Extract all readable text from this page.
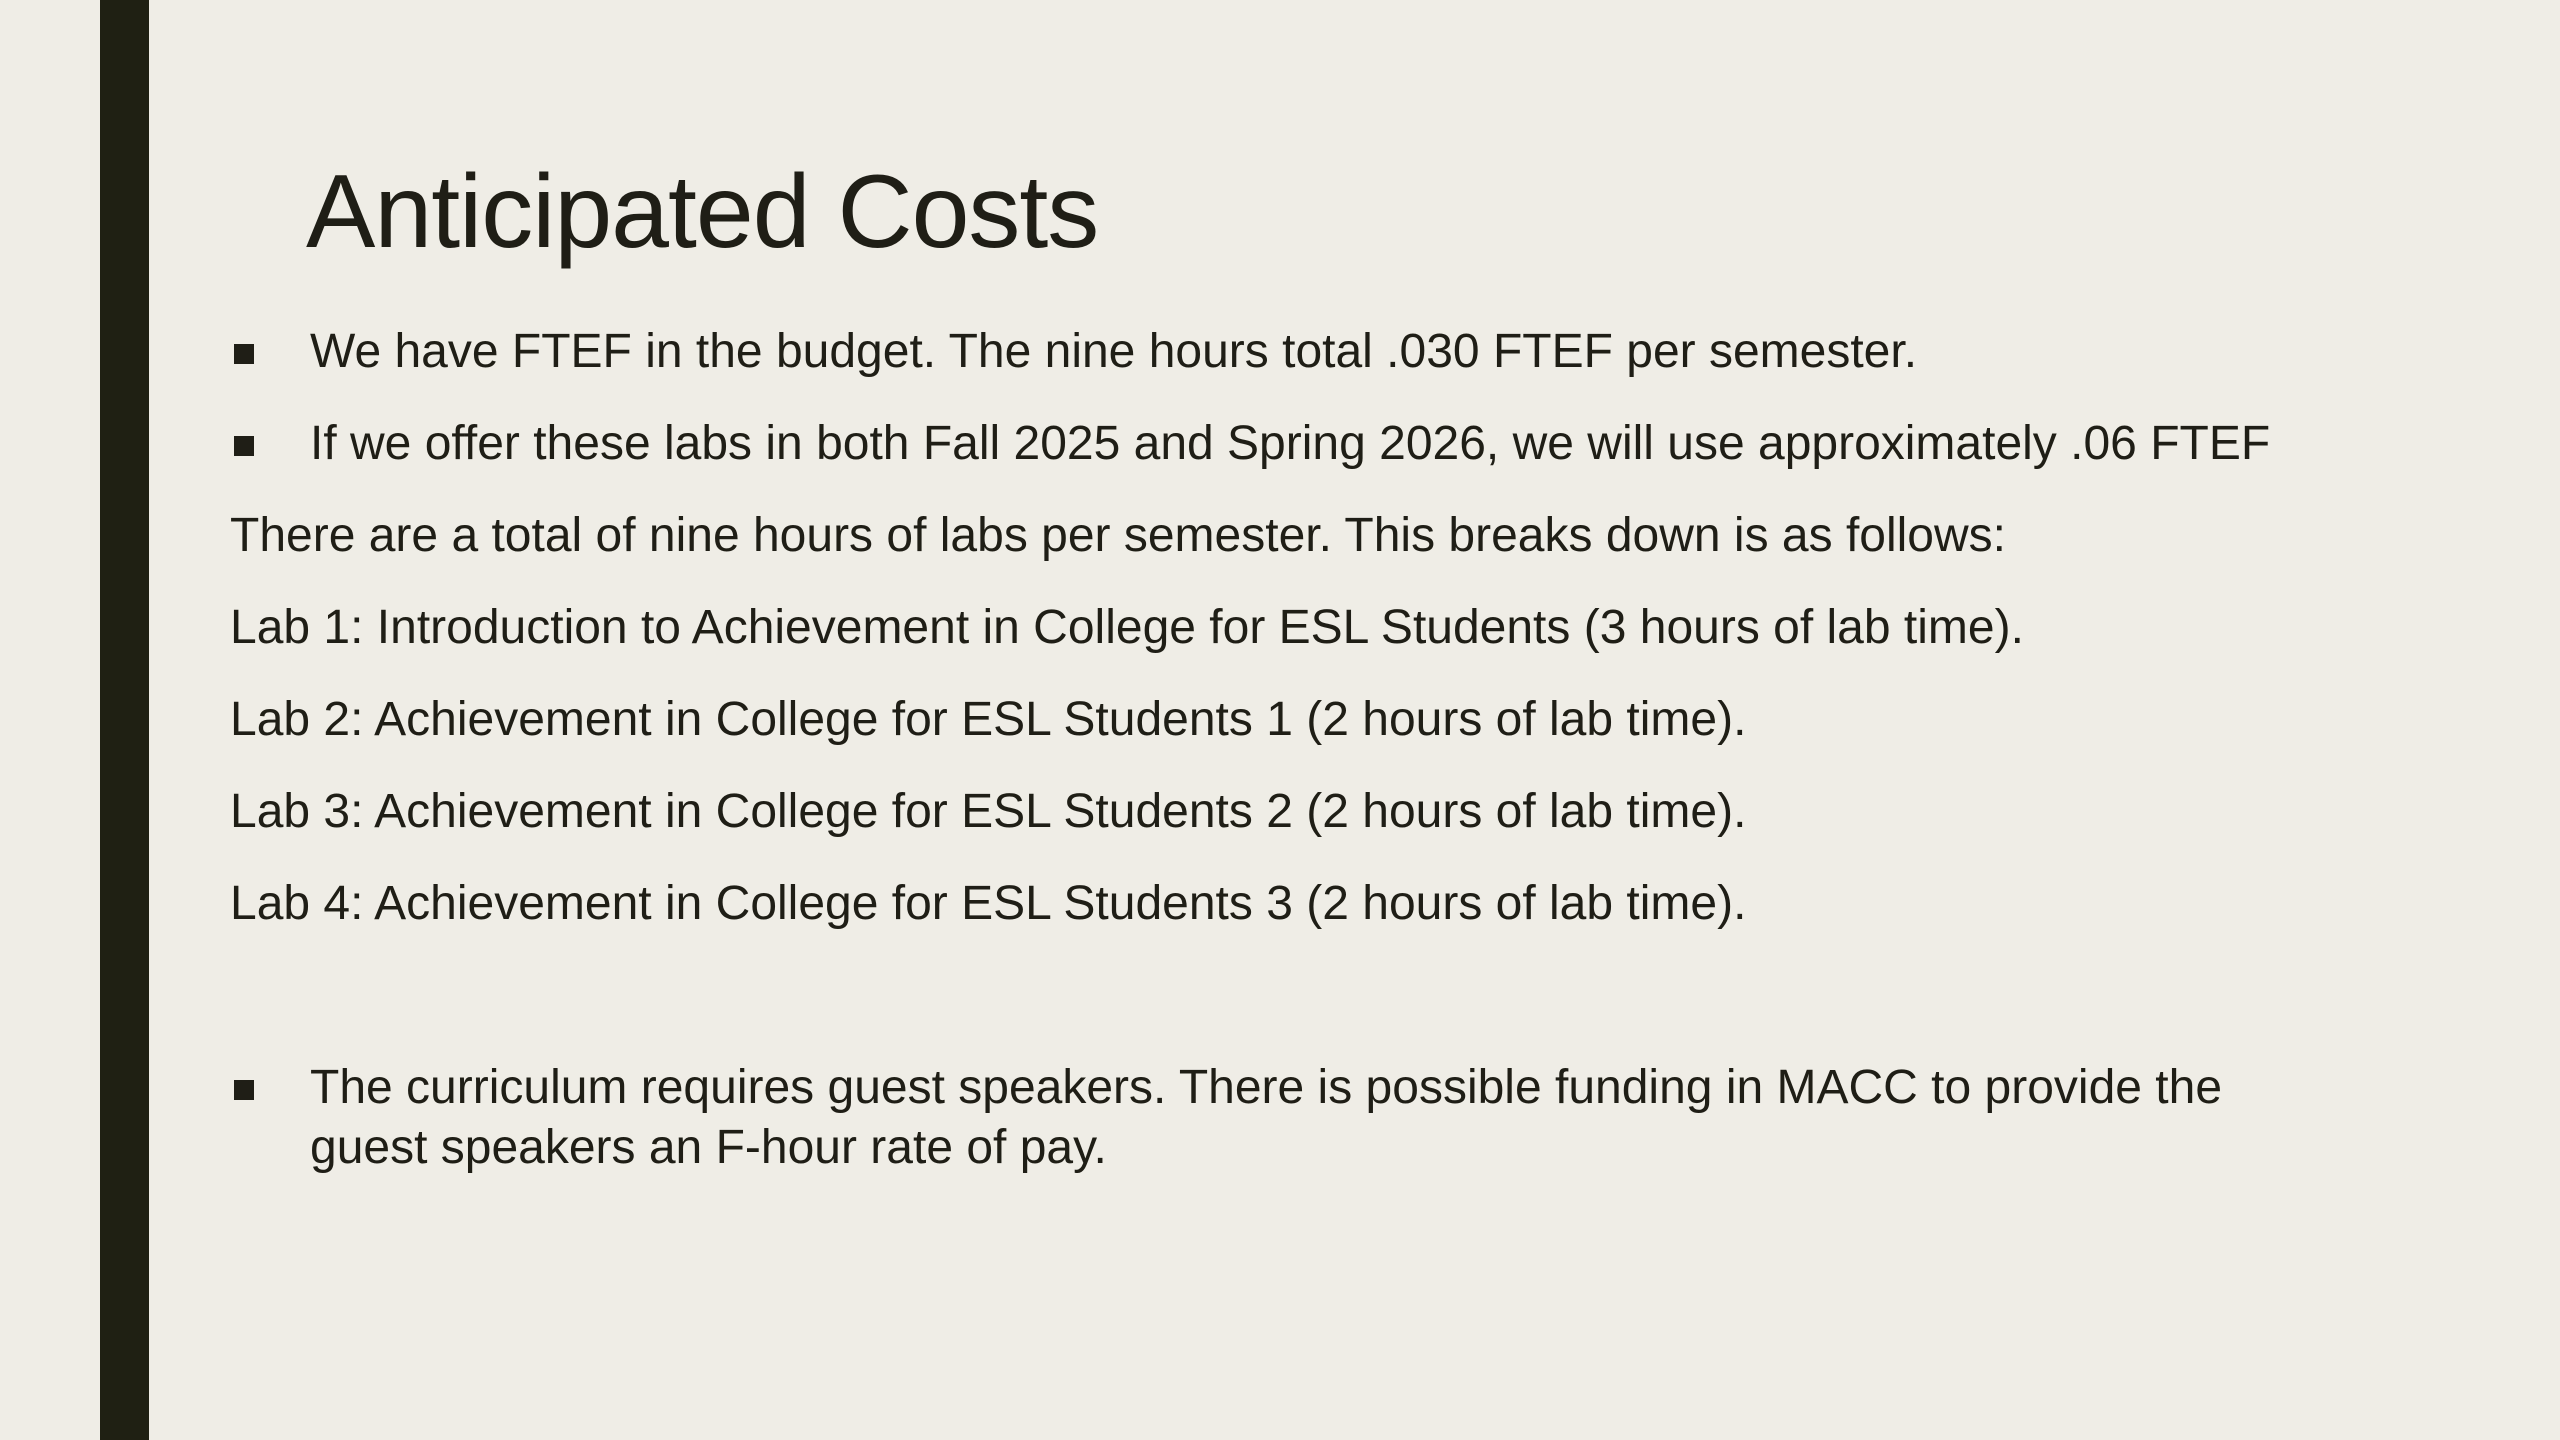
Anticipated Costs
We have FTEF in the budget. The nine hours total .030 FTEF per semester.
If we offer these labs in both Fall 2025 and Spring 2026, we will use approximately .06 FTEF
There are a total of nine hours of labs per semester. This breaks down is as follows:
Lab 1: Introduction to Achievement in College for ESL Students (3 hours of lab time).
Lab 2: Achievement in College for ESL Students 1 (2 hours of lab time).
Lab 3: Achievement in College for ESL Students 2 (2 hours of lab time).
Lab 4: Achievement in College for ESL Students 3 (2 hours of lab time).
The curriculum requires guest speakers. There is possible funding in MACC to provide the guest speakers an F-hour rate of pay.
